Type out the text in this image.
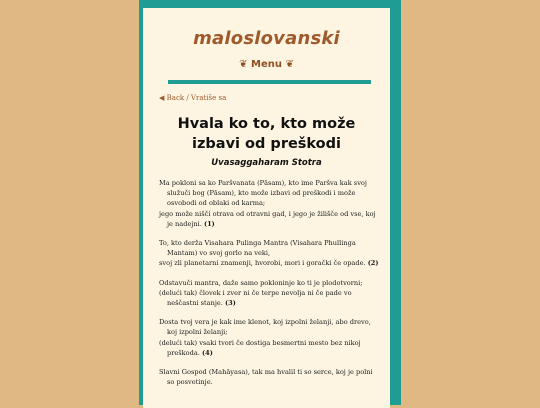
maloslovanski
❦ Menu ❦
◀ Back / Vratiše sa
Hvala ko to, kto može
izbavi od preškodi
Uvasaggaharam Stotra
Ma pokloni sa ko Paršvanata (Pāsam), kto ime Paršva kak svoj služuči bog (Pāsam), kto može izbavi od preškodi i može osvobodi od oblaki od karma;
jego može niščí otrava od otravni gad, i jego je žilišče od vse, koj je nadejni. (1)
To, kto derža Visahara Pulinga Mantra (Visahara Phullinga Mantam) vo svoj gorlo na veki,
svoj zli planetarni znamenji, hvorobi, mori i gorački če opade. (2)
Odstavuči mantra, daže samo pokloninje ko ti je plodotvorni;
(delući tak) človek i zver ni če terpe nevolja ni če pade vo neščastni stanje. (3)
Dosta tvoj vera je kak ime klenot, koj izpolni želanji, abo drevo, koj izpolni želanji;
(delući tak) vsaki tvori če dostiga besmertni mesto bez nikoj preškoda. (4)
Slavni Gospod (Mahāyasa), tak ma hvalil ti so serce, koj je polni so posvetinje.
